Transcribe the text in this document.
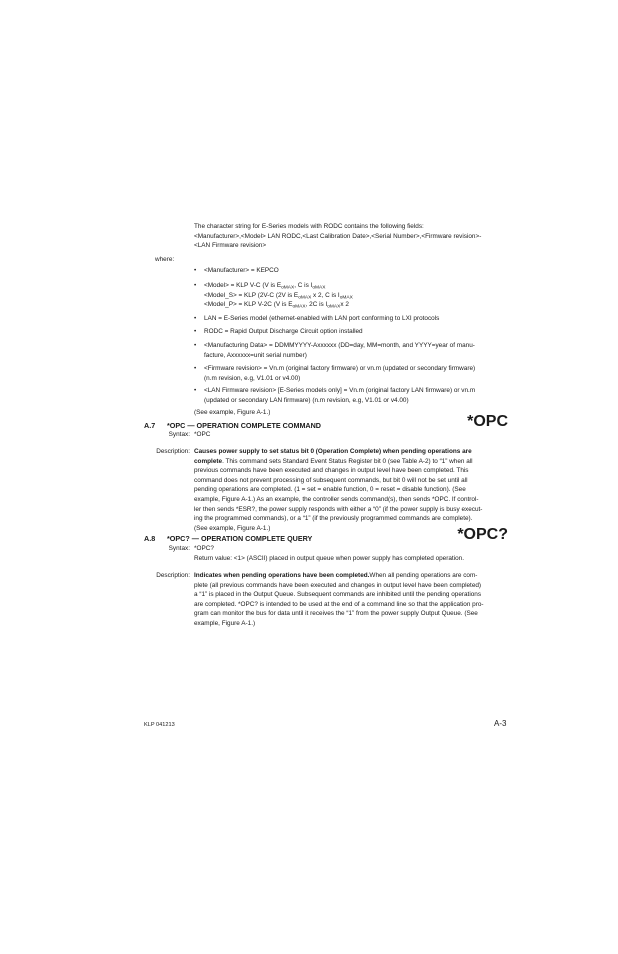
The character string for E-Series models with RODC contains the following fields:

<Manufacturer>,<Model> LAN RODC,<Last Calibration Date>,<Serial Number>,<Firmware revision>-

<LAN Firmware revision>

where:
• <Manufacturer> = KEPCO

• <Model> = KLP V-C (V is $E_{oMAX}$, C is $I_{oMAX}$

<Model_S> = KLP (2V-C (2V is $E_{oMAX}$ x 2, C is $I_{oMAX}$

<Model_P> = KLP V-2C (V is $E_{oMAX}$, 2C is $I_{oMAX}x$ 2

• LAN = E-Series model (ethernet-enabled with LAN port conforming to LXI protocols

• RODC = Rapid Output Discharge Circuit option installed

• <Manufacturing Data> = DDMMYYYY-Axxxxxx (DD=day, MM=month, and YYYY=year of manu-

facture, Axxxxxx=unit serial number)

• <Firmware revision> = Vn.m (original factory firmware) or vn.m (updated or secondary firmware)

(n.m revision, e.g, V1.01 or v4.00)

• <LAN Firmware revision> [E-Series models only] = Vn.m (original factory LAN firmware) or vn.m

(updated or secondary LAN firmware) (n.m revision, e.g, V1.01 or v4.00)

(See example, Figure A-1.)

A.7 *OPC — OPERATION COMPLETE COMMAND	*OPC
Syntax: *OPC
Description: Causes power supply to set status bit 0 (Operation Complete) when pending operations are

complete. This command sets Standard Event Status Register bit 0 (see Table A-2) to “1” when all

previous commands have been executed and changes in output level have been completed. This

command does not prevent processing of subsequent commands, but bit 0 will not be set until all

pending operations are completed. (1 = set = enable function, 0 = reset = disable function). (See

example, Figure A-1.) As an example, the controller sends command(s), then sends *OPC. If control-

ler then sends *ESR?, the power supply responds with either a “0” (if the power supply is busy execut-

ing the programmed commands), or a “1” (if the previously programmed commands are complete).

(See example, Figure A-1.)

A.8 *OPC? — OPERATION COMPLETE QUERY	*OPC?
Syntax: *OPC?

Return value: <1> (ASCII) placed in output queue when power supply has completed operation.

Description: Indicates when pending operations have been completed.When all pending operations are com-

plete (all previous commands have been executed and changes in output level have been completed)

a “1” is placed in the Output Queue. Subsequent commands are inhibited until the pending operations

are completed. *OPC? is intended to be used at the end of a command line so that the application pro-

gram can monitor the bus for data until it receives the “1” from the power supply Output Queue. (See

example, Figure A-1.)

KLP 041213	A-3
